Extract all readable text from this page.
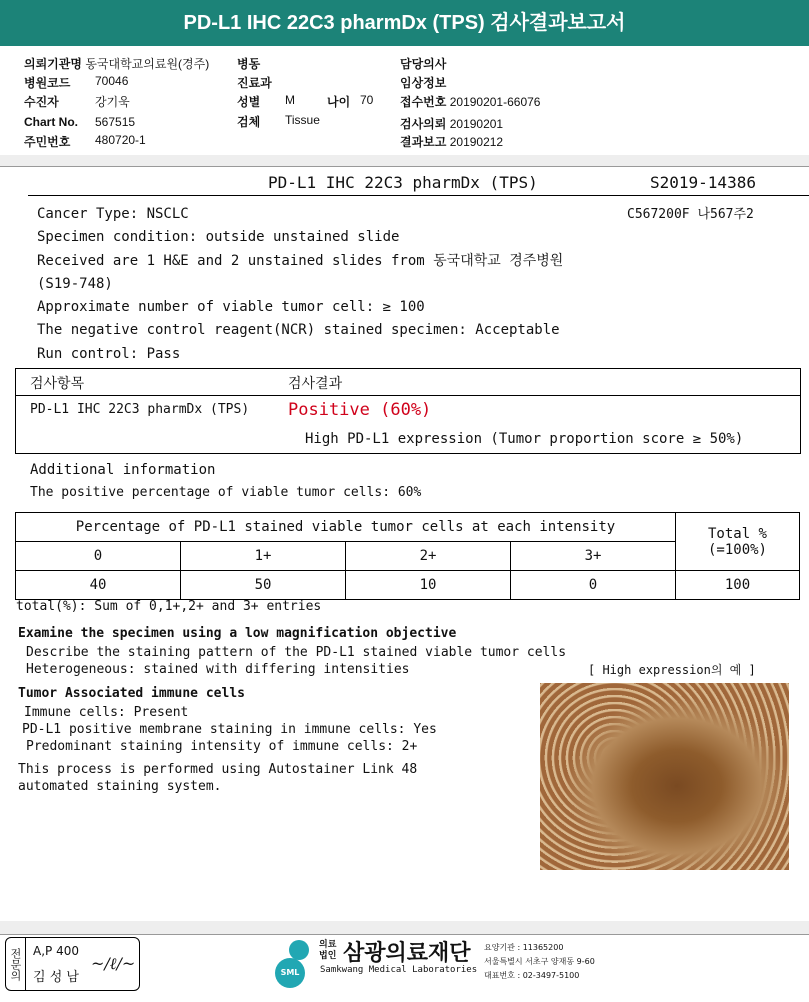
PD-L1 IHC 22C3 pharmDx (TPS) 검사결과보고서
의뢰기관명 동국대학교의료원(경주)
병원코드 70046
수진자	강기욱
Chart No. 567515
주민번호 480720-1
병동
진료과
성별 M	나이 70
검체 Tissue
담당의사
임상정보
접수번호 20190201-66076
검사의뢰 20190201
결과보고 20190212
PD-L1 IHC 22C3 pharmDx (TPS)	S2019-14386
C567200F 나567주2
Cancer Type: NSCLC
Specimen condition: outside unstained slide
Received are 1 H&E and 2 unstained slides from 동국대학교 경주병원
(S19-748)
Approximate number of viable tumor cell: ≥ 100
The negative control reagent(NCR) stained specimen: Acceptable
Run control: Pass
검사항목	검사결과
PD-L1 IHC 22C3 pharmDx (TPS) Positive (60%)
High PD-L1 expression (Tumor proportion score ≥ 50%)
Additional information
The positive percentage of viable tumor cells: 60%
Percentage of PD-L1 stained viable tumor cells at each intensity				Total %
(=100%)

0	1+	2+	3+	
40	50	10	0	100
total(%): Sum of 0,1+,2+ and 3+ entries
Examine the specimen using a low magnification objective
Describe the staining pattern of the PD-L1 stained viable tumor cells
Heterogeneous: stained with differing intensities	[ High expression의 예 ]
Tumor Associated immune cells
Immune cells: Present
PD-L1 positive membrane staining in immune cells: Yes
Predominant staining intensity of immune cells: 2+
This process is performed using Autostainer Link 48
automated staining system.
전문의 A,P 400
김 성 남
~/ℓ/~	SML
의료법인 삼광의료재단
Samkwang Medical Laboratories
요양기관 : 11365200
서울특별시 서초구 양재동 9-60
대표번호 : 02-3497-5100
